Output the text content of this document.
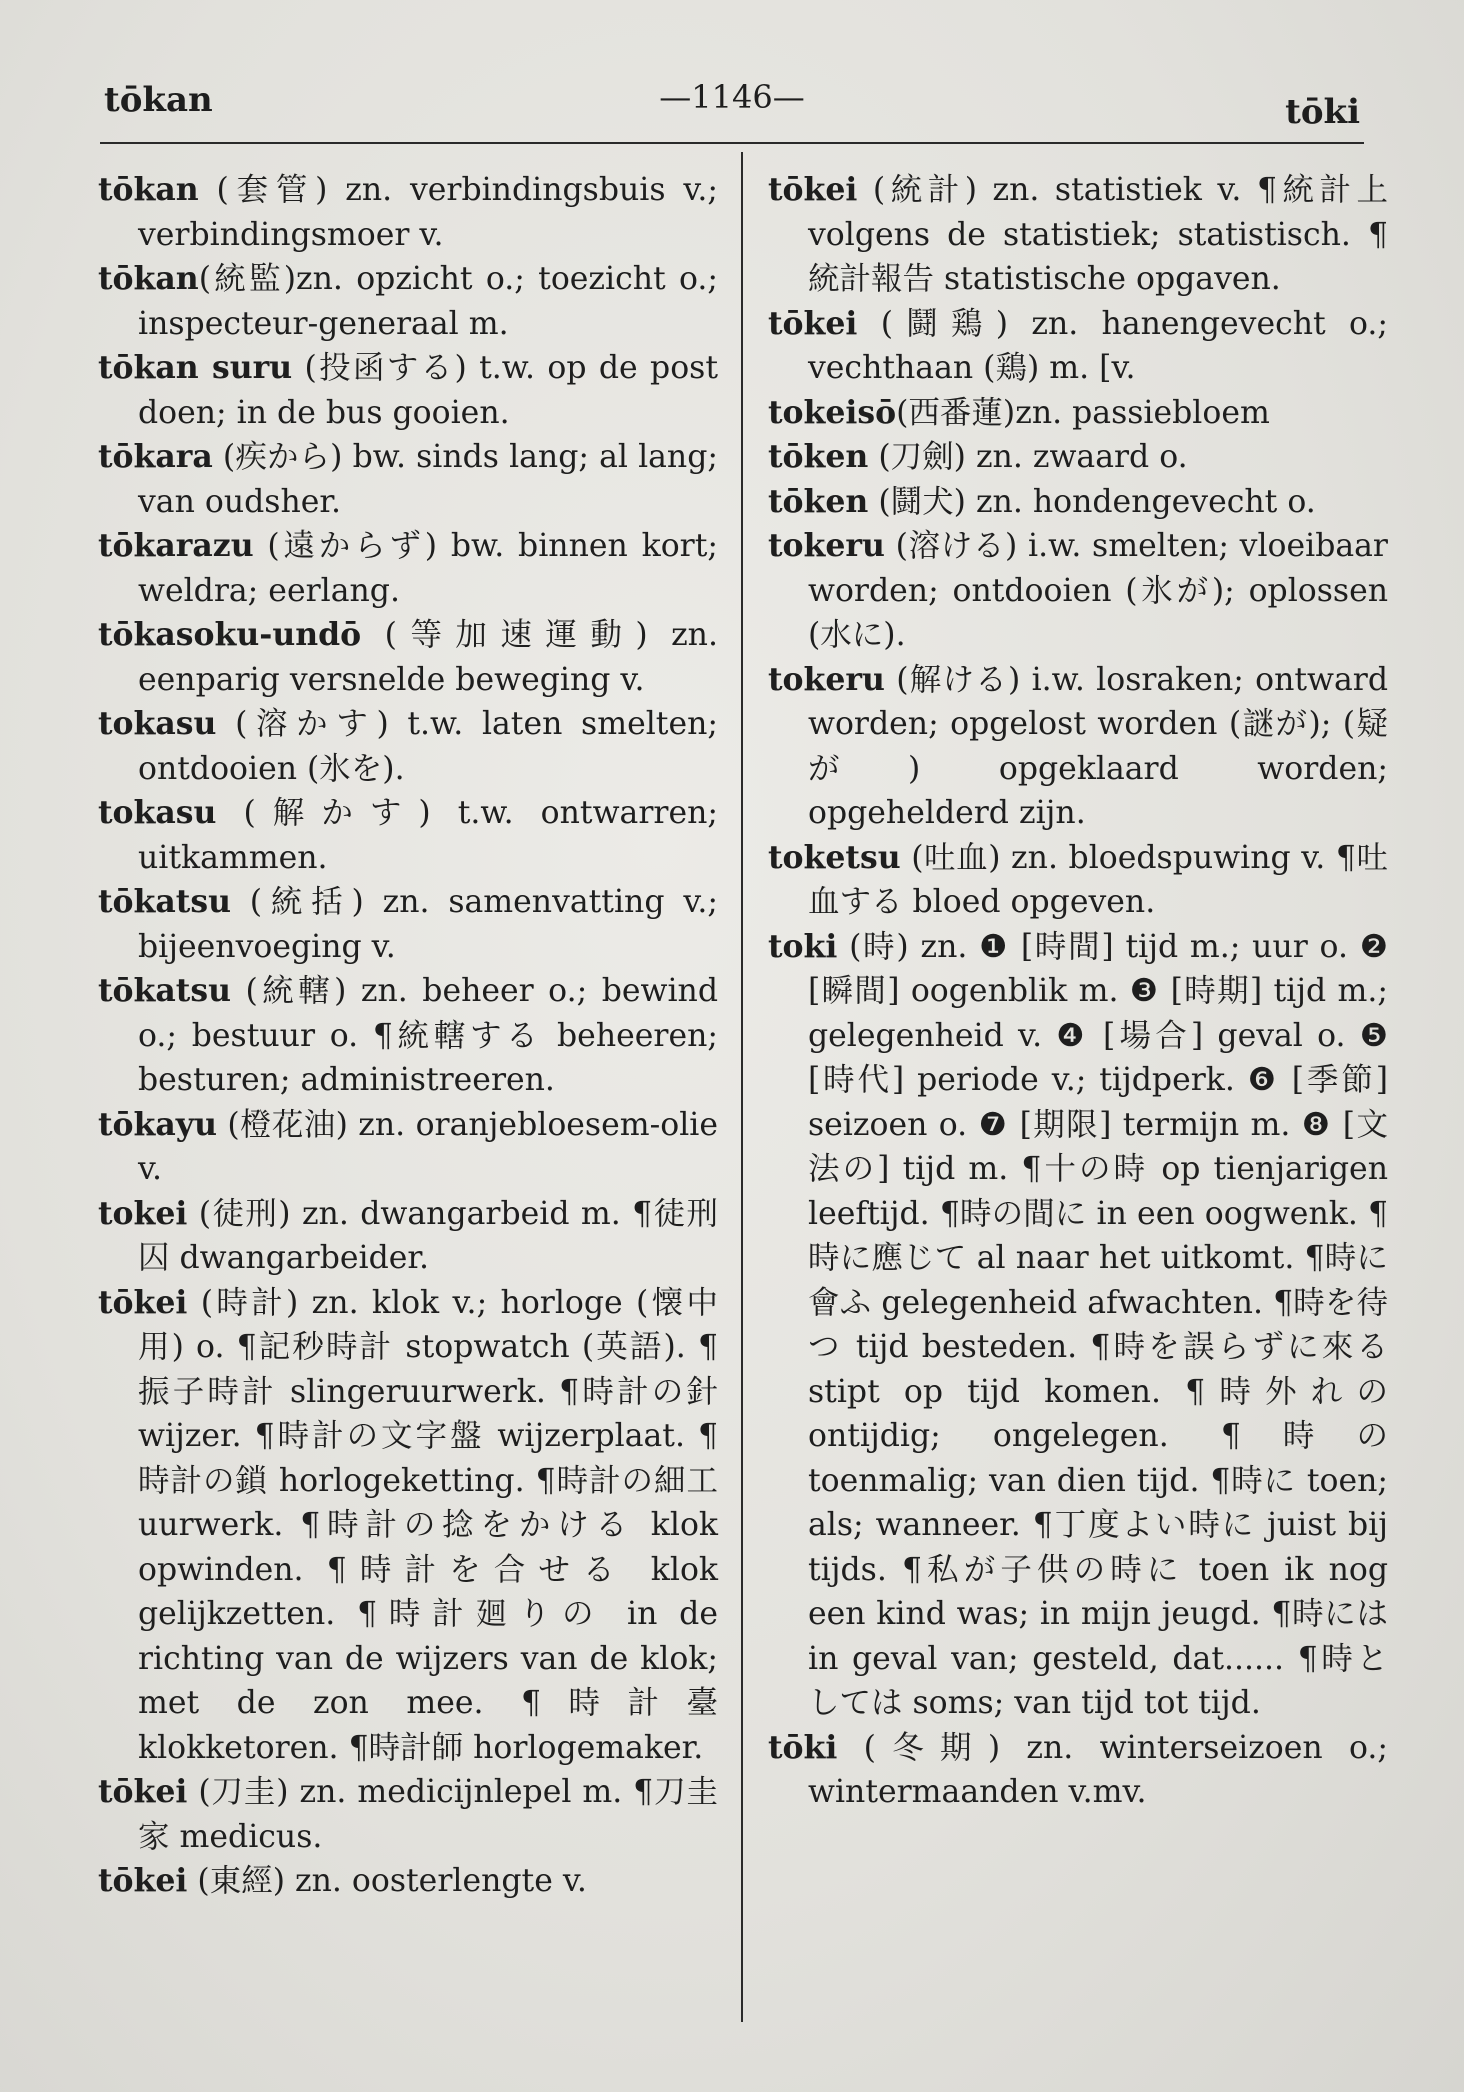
tōkan	—1146—	tōki

tōkan (套管) zn. verbindingsbuis v.; verbindingsmoer v.

tōkan(統監)zn. opzicht o.; toezicht o.; inspecteur-generaal m.

tōkan suru (投函する) t.w. op de post doen; in de bus gooien.

tōkara (疾から) bw. sinds lang; al lang; van oudsher.

tōkarazu (遠からず) bw. binnen kort; weldra; eerlang.

tōkasoku-undō (等加速運動) zn. eenparig versnelde beweging v.

tokasu (溶かす) t.w. laten smelten; ontdooien (氷を).

tokasu (解かす) t.w. ontwarren; uitkammen.

tōkatsu (統括) zn. samenvatting v.; bijeenvoeging v.

tōkatsu (統轄) zn. beheer o.; bewind o.; bestuur o. ¶統轄する beheeren; besturen; administreeren.

tōkayu (橙花油) zn. oranjebloesem-olie v.

tokei (徒刑) zn. dwangarbeid m. ¶徒刑囚 dwangarbeider.

tōkei (時計) zn. klok v.; horloge (懐中用) o. ¶記秒時計 stopwatch (英語). ¶振子時計 slingeruurwerk. ¶時計の針 wijzer. ¶時計の文字盤 wijzerplaat. ¶時計の鎖 horlogeketting. ¶時計の細工 uurwerk. ¶時計の捻をかける klok opwinden. ¶時計を合せる klok gelijkzetten. ¶時計廻りの in de richting van de wijzers van de klok; met de zon mee. ¶時計臺 klokketoren. ¶時計師 horlogemaker.

tōkei (刀圭) zn. medicijnlepel m. ¶刀圭家 medicus.

tōkei (東經) zn. oosterlengte v.

tōkei (統計) zn. statistiek v. ¶統計上 volgens de statistiek; statistisch. ¶統計報告 statistische opgaven.

tōkei (鬪鶏) zn. hanengevecht o.; vechthaan (鶏) m. [v.

tokeisō(西番蓮)zn. passiebloem

tōken (刀劍) zn. zwaard o.

tōken (鬪犬) zn. hondengevecht o.

tokeru (溶ける) i.w. smelten; vloeibaar worden; ontdooien (氷が); oplossen (水に).

tokeru (解ける) i.w. losraken; ontward worden; opgelost worden (謎が); (疑が) opgeklaard worden; opgehelderd zijn.

toketsu (吐血) zn. bloedspuwing v. ¶吐血する bloed opgeven.

toki (時) zn. ❶ [時間] tijd m.; uur o. ❷ [瞬間] oogenblik m. ❸ [時期] tijd m.; gelegenheid v. ❹ [場合] geval o. ❺ [時代] periode v.; tijdperk. ❻ [季節] seizoen o. ❼ [期限] termijn m. ❽ [文法の] tijd m. ¶十の時 op tienjarigen leeftijd. ¶時の間に in een oogwenk. ¶時に應じて al naar het uitkomt. ¶時に會ふ gelegenheid afwachten. ¶時を待つ tijd besteden. ¶時を誤らずに來る stipt op tijd komen. ¶時外れの ontijdig; ongelegen. ¶時の toenmalig; van dien tijd. ¶時に toen; als; wanneer. ¶丁度よい時に juist bij tijds. ¶私が子供の時に toen ik nog een kind was; in mijn jeugd. ¶時には in geval van; gesteld, dat...... ¶時としては soms; van tijd tot tijd.

tōki (冬期) zn. winterseizoen o.; wintermaanden v.mv.
